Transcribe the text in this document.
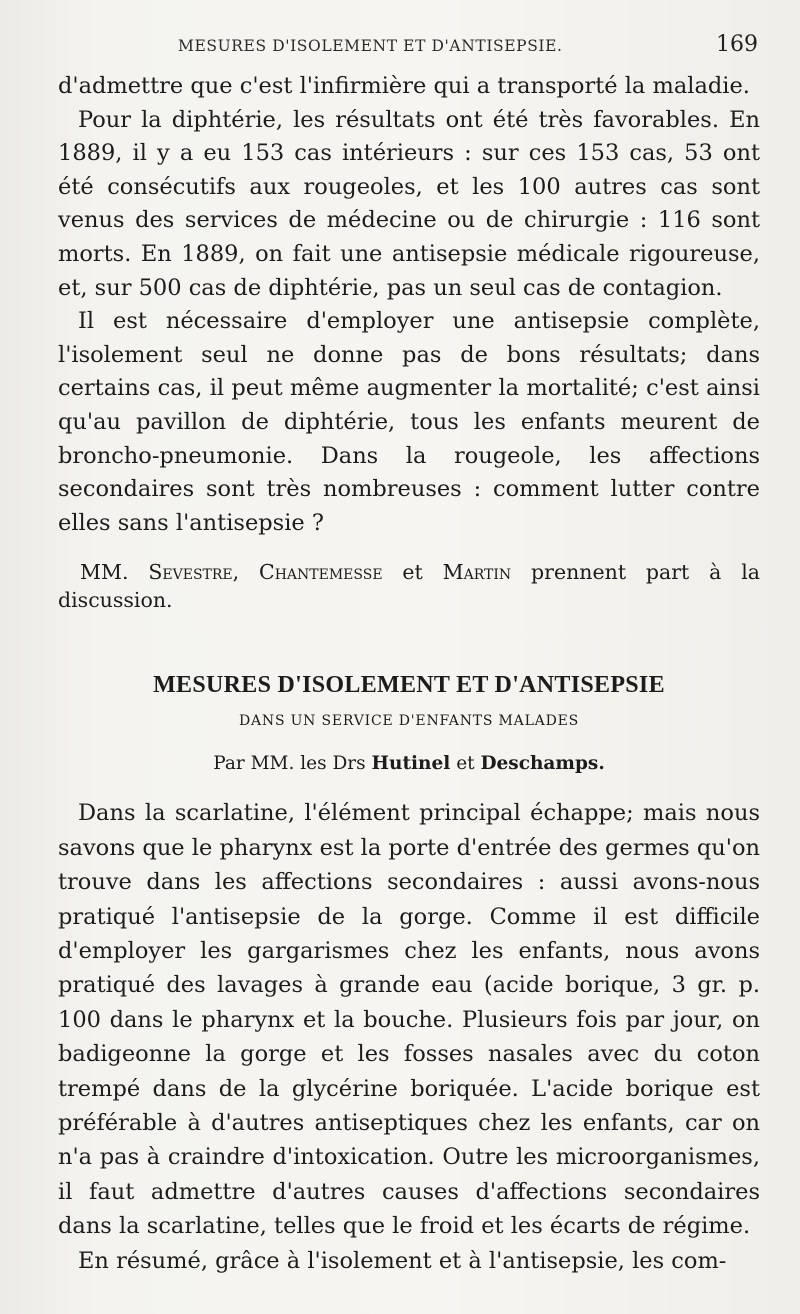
MESURES D'ISOLEMENT ET D'ANTISEPSIE.	169

d'admettre que c'est l'infirmière qui a transporté la maladie.

Pour la diphtérie, les résultats ont été très favorables. En 1889, il y a eu 153 cas intérieurs : sur ces 153 cas, 53 ont été consécutifs aux rougeoles, et les 100 autres cas sont venus des services de médecine ou de chirurgie : 116 sont morts. En 1889, on fait une antisepsie médicale rigoureuse, et, sur 500 cas de diphtérie, pas un seul cas de contagion.

Il est nécessaire d'employer une antisepsie complète, l'isolement seul ne donne pas de bons résultats; dans certains cas, il peut même augmenter la mortalité; c'est ainsi qu'au pavillon de diphtérie, tous les enfants meurent de broncho-pneumonie. Dans la rougeole, les affections secondaires sont très nombreuses : comment lutter contre elles sans l'antisepsie ?

MM. Sevestre, Chantemesse et Martin prennent part à la discussion.

MESURES D'ISOLEMENT ET D'ANTISEPSIE
DANS UN SERVICE D'ENFANTS MALADES
Par MM. les Drs Hutinel et Deschamps.

Dans la scarlatine, l'élément principal échappe; mais nous savons que le pharynx est la porte d'entrée des germes qu'on trouve dans les affections secondaires : aussi avons-nous pratiqué l'antisepsie de la gorge. Comme il est difficile d'employer les gargarismes chez les enfants, nous avons pratiqué des lavages à grande eau (acide borique, 3 gr. p. 100 dans le pharynx et la bouche. Plusieurs fois par jour, on badigeonne la gorge et les fosses nasales avec du coton trempé dans de la glycérine boriquée. L'acide borique est préférable à d'autres antiseptiques chez les enfants, car on n'a pas à craindre d'intoxication. Outre les microorganismes, il faut admettre d'autres causes d'affections secondaires dans la scarlatine, telles que le froid et les écarts de régime.

En résumé, grâce à l'isolement et à l'antisepsie, les com-
